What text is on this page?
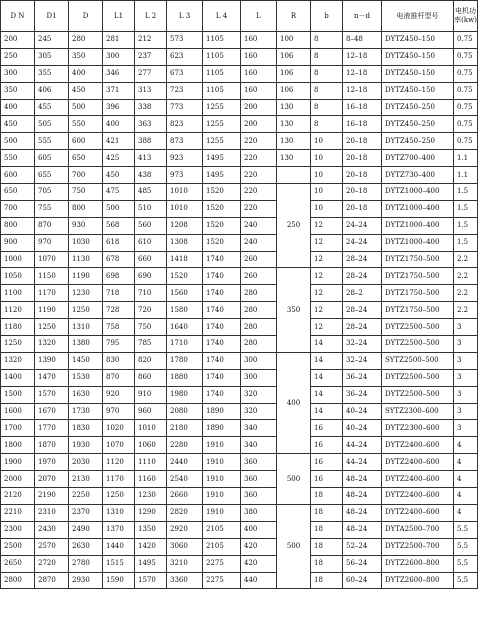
D N	D1	D	L1	L 2	L 3	L 4	L	R	b	n－d	电液推杆型号	电机功率(kw)
200	245	280	281	212	573	1105	160	100	8	8–48	DYTZ450–150	0.75
250	305	350	300	237	623	1105	160	106	8	12–18	DYTZ450–150	0.75
300	355	400	346	277	673	1105	160	106	8	12–18	DYTZ450–150	0.75
350	406	450	371	313	723	1105	160	106	8	12–18	DYTZ450–150	0.75
400	455	500	396	338	773	1255	200	130	8	16–18	DYTZ450–250	0.75
450	505	550	400	363	823	1255	200	130	8	16–18	DYTZ450–250	0.75
500	555	600	421	388	873	1255	220	130	10	20–18	DYTZ450–250	0.75
550	605	650	425	413	923	1495	220	130	10	20–18	DYTZ700–400	1.1
600	655	700	450	438	973	1495	220		10	20–18	DYTZ730–400	1.1
650	705	750	475	485	1010	1520	220	250	10	20–18	DYTZ1000–400	1.5
700	755	800	500	510	1010	1520	220		10	20–18	DYTZ1000–400	1.5
800	870	930	568	560	1208	1520	240		12	24–24	DYTZ1000–400	1.5
900	970	1030	618	610	1308	1520	240		12	24–24	DYTZ1000–400	1.5
1000	1070	1130	678	660	1418	1740	260		12	28–24	DYTZ1750–500	2.2
1050	1150	1190	698	690	1520	1740	260	350	12	28–24	DYTZ1750–500	2.2
1100	1170	1230	718	710	1560	1740	280		12	28–2	DYTZ1750–500	2.2
1120	1190	1250	728	720	1580	1740	280		12	28–24	DYTZ1750–500	2.2
1180	1250	1310	758	750	1640	1740	280		12	28–24	DYTZ2500–500	3
1250	1320	1380	795	785	1710	1740	280		14	32–24	DYTZ2500–500	3
1320	1390	1450	830	820	1780	1740	300	400	14	32–24	SYTZ2500–500	3
1400	1470	1530	870	860	1880	1740	300		14	36–24	DYTZ2500–500	3
1500	1570	1630	920	910	1980	1740	320		14	36–24	DYTZ2500–500	3
1600	1670	1730	970	960	2080	1890	320		14	40–24	SYTZ2300–600	3
1700	1770	1830	1020	1010	2180	1890	340		16	40–24	DYTZ2300–600	3
1800	1870	1930	1070	1060	2280	1910	340		16	44–24	DYTZ2400–600	4
1900	1970	2030	1120	1110	2440	1910	360	500	16	44–24	DYTZ2400–600	4
2000	2070	2130	1170	1160	2540	1910	360		16	48–24	DYTZ2400–600	4
2120	2190	2250	1250	1230	2660	1910	360		18	48–24	DYTZ2400–600	4
2210	2310	2370	1310	1290	2820	1910	380	500	18	48–24	DYTZ2400–600	4
2300	2430	2490	1370	1350	2920	2105	400		18	48–24	DYTA2500–700	5.5
2500	2570	2630	1440	1420	3060	2105	420		18	52–24	DYTZ2500–700	5.5
2650	2720	2780	1515	1495	3210	2275	420		18	56–24	DYTZ2600–800	5.5
2800	2870	2930	1590	1570	3360	2275	440		18	60–24	DYTZ2600–800	5.5
